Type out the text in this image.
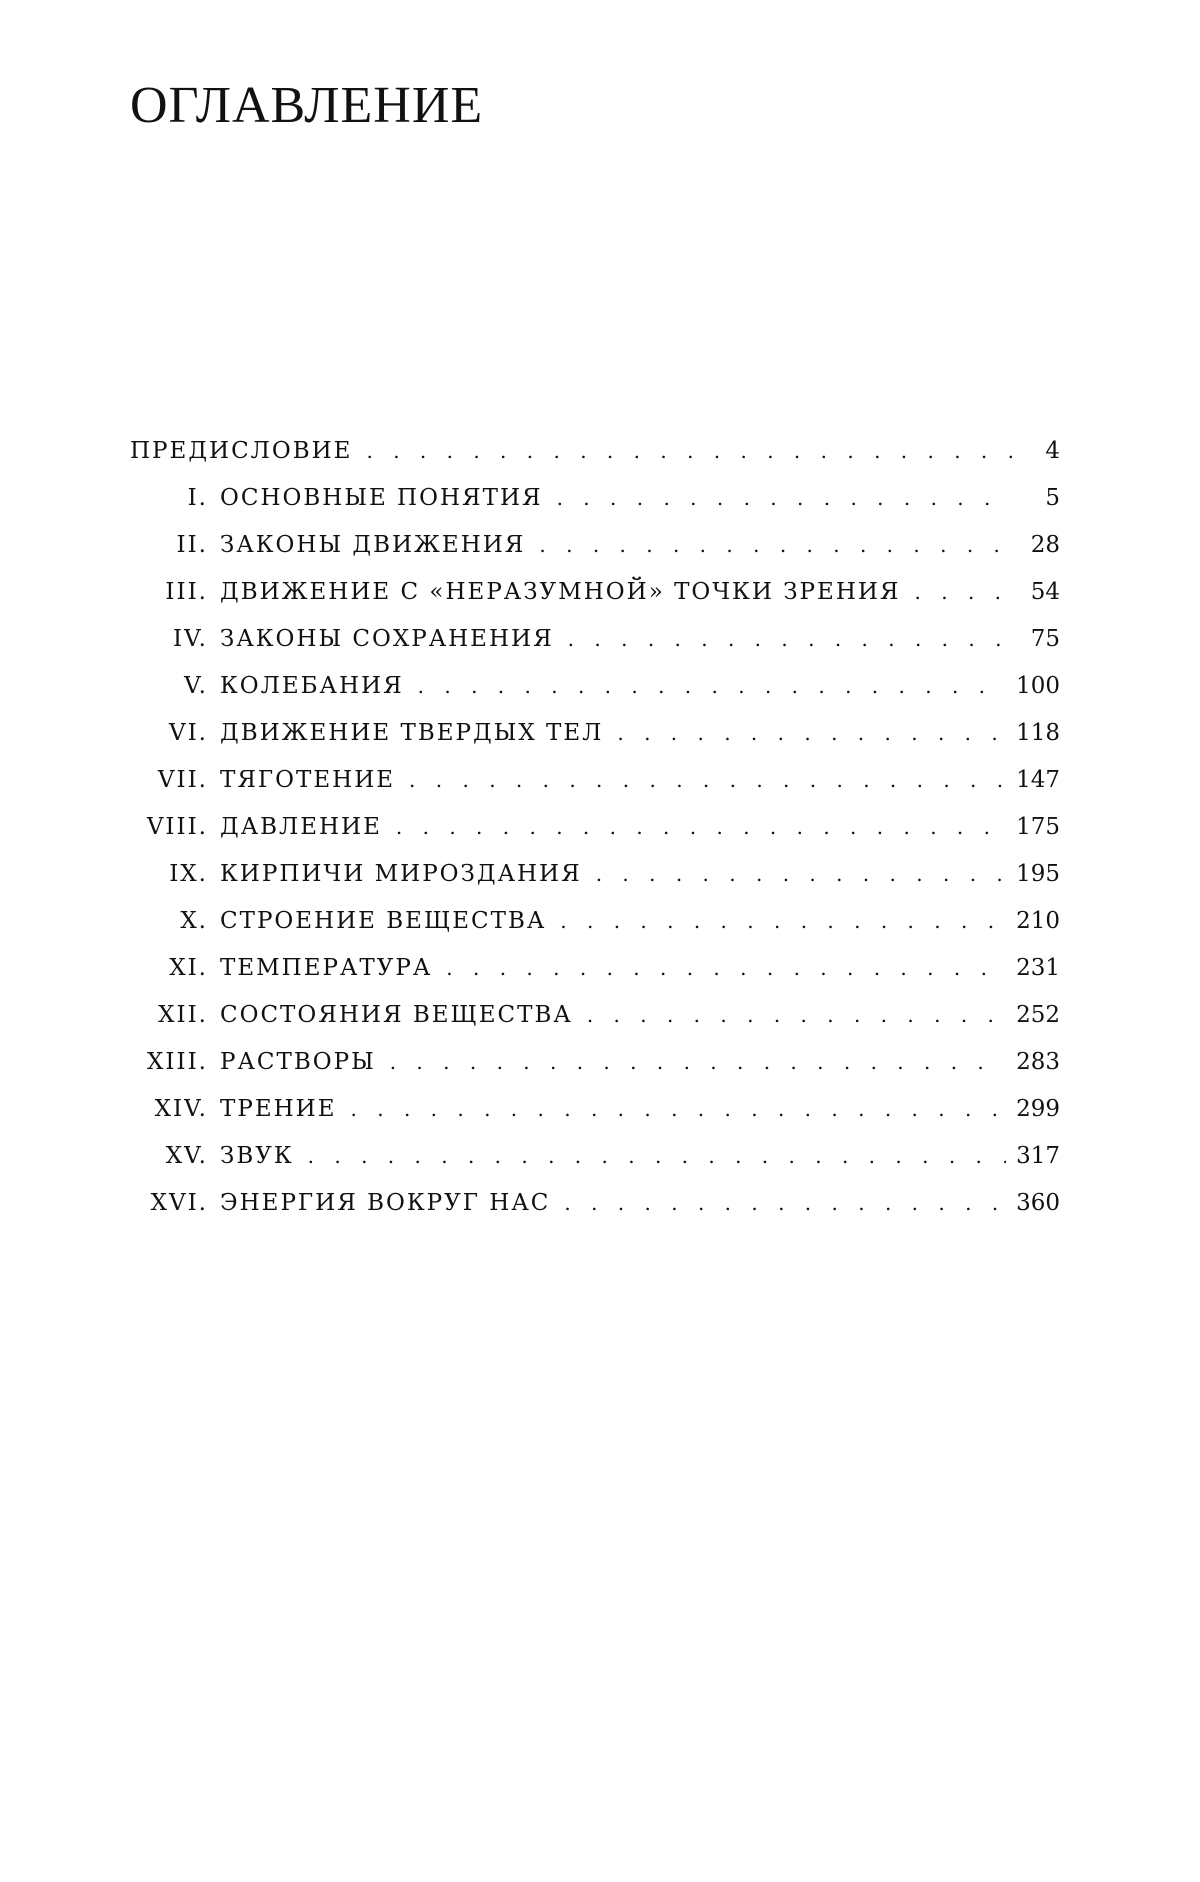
ОГЛАВЛЕНИЕ
ПРЕДИСЛОВИЕ . . .	4
I. ОСНОВНЫЕ ПОНЯТИЯ . . .	5
II. ЗАКОНЫ ДВИЖЕНИЯ . . .	28
III. ДВИЖЕНИЕ С «НЕРАЗУМНОЙ» ТОЧКИ ЗРЕНИЯ . . .	54
IV. ЗАКОНЫ СОХРАНЕНИЯ . . .	75
V. КОЛЕБАНИЯ . . .	100
VI. ДВИЖЕНИЕ ТВЕРДЫХ ТЕЛ . . .	118
VII. ТЯГОТЕНИЕ . . .	147
VIII. ДАВЛЕНИЕ . . .	175
IX. КИРПИЧИ МИРОЗДАНИЯ . . .	195
X. СТРОЕНИЕ ВЕЩЕСТВА . . .	210
XI. ТЕМПЕРАТУРА . . .	231
XII. СОСТОЯНИЯ ВЕЩЕСТВА . . .	252
XIII. РАСТВОРЫ . . .	283
XIV. ТРЕНИЕ . . .	299
XV. ЗВУК . . .	317
XVI. ЭНЕРГИЯ ВОКРУГ НАС . . .	360
